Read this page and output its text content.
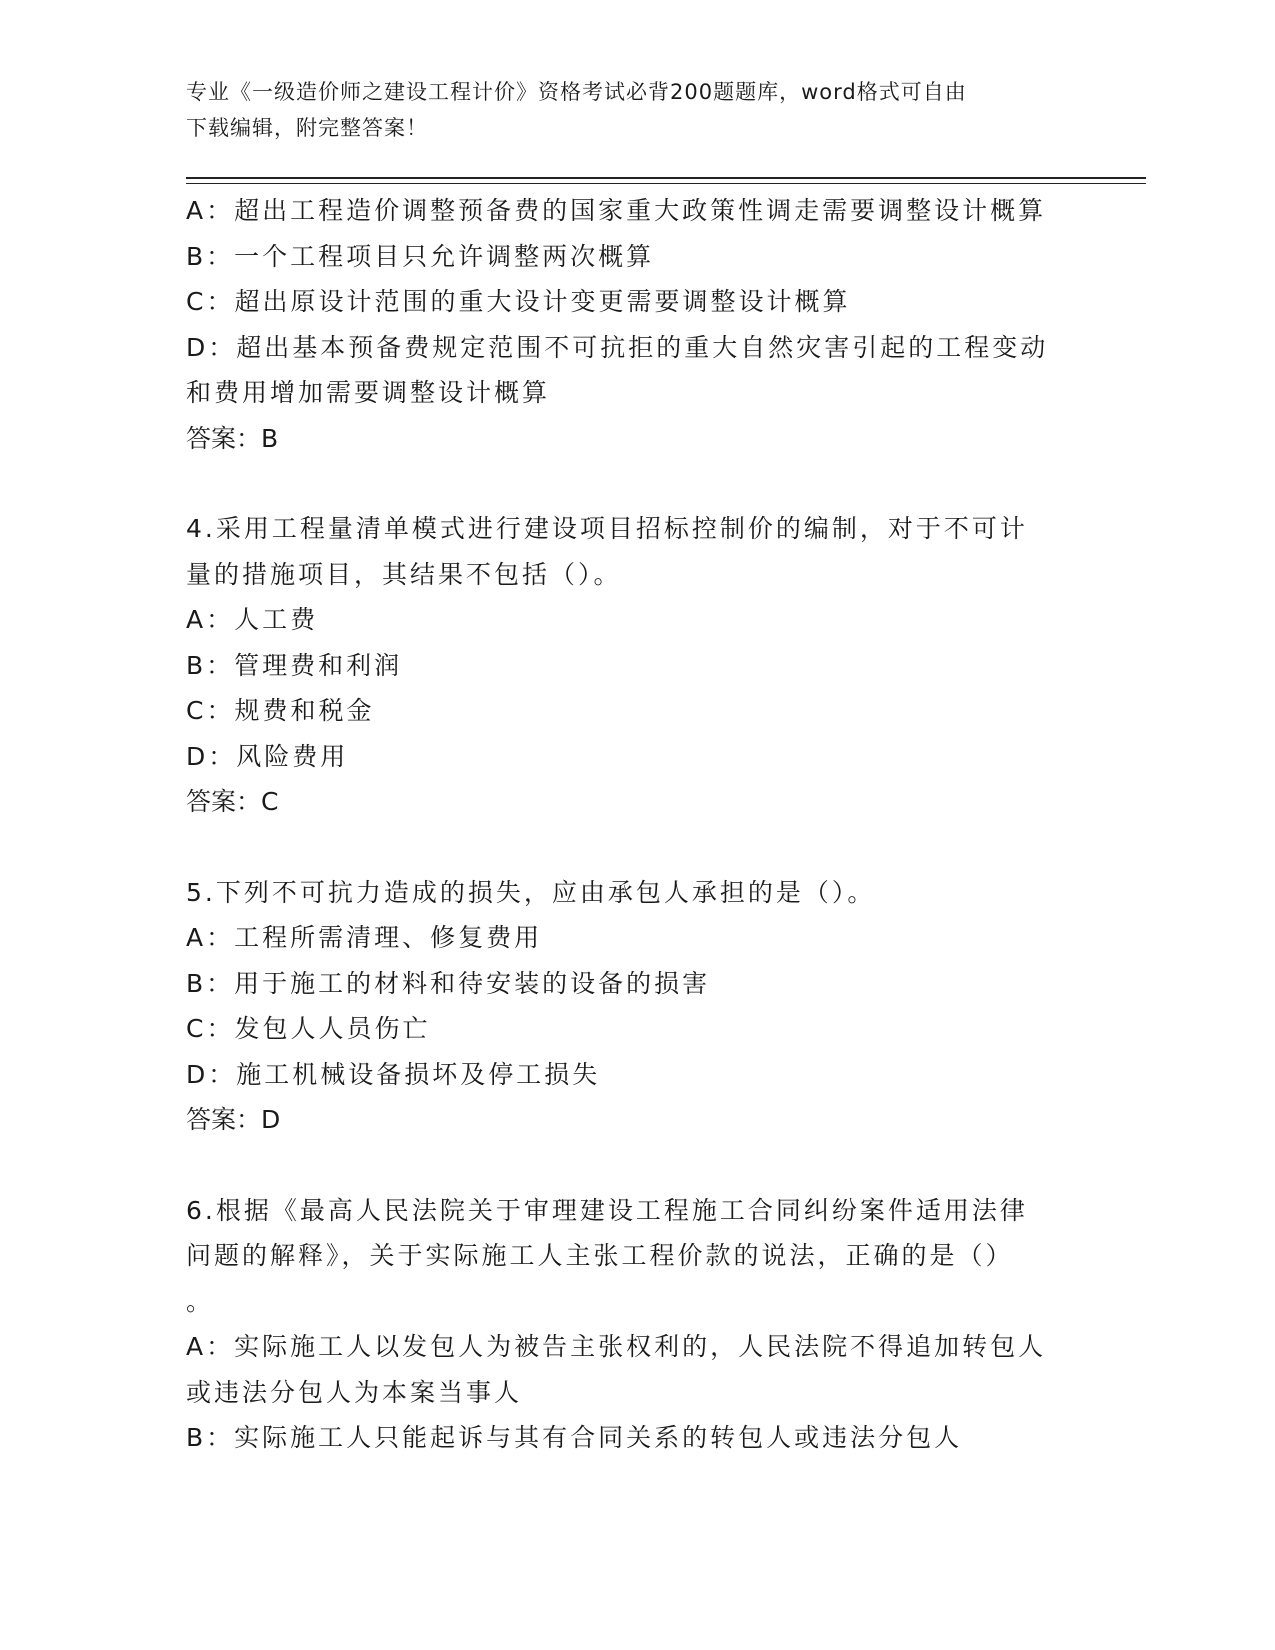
专业《一级造价师之建设工程计价》资格考试必背200题题库，word格式可自由
下载编辑，附完整答案！
A：超出工程造价调整预备费的国家重大政策性调走需要调整设计概算
B：一个工程项目只允许调整两次概算
C：超出原设计范围的重大设计变更需要调整设计概算
D：超出基本预备费规定范围不可抗拒的重大自然灾害引起的工程变动
和费用增加需要调整设计概算
答案：B
4.采用工程量清单模式进行建设项目招标控制价的编制，对于不可计
量的措施项目，其结果不包括（）。
A：人工费
B：管理费和利润
C：规费和税金
D：风险费用
答案：C
5.下列不可抗力造成的损失，应由承包人承担的是（）。
A：工程所需清理、修复费用
B：用于施工的材料和待安装的设备的损害
C：发包人人员伤亡
D：施工机械设备损坏及停工损失
答案：D
6.根据《最高人民法院关于审理建设工程施工合同纠纷案件适用法律
问题的解释》，关于实际施工人主张工程价款的说法，正确的是（）
。
A：实际施工人以发包人为被告主张权利的，人民法院不得追加转包人
或违法分包人为本案当事人
B：实际施工人只能起诉与其有合同关系的转包人或违法分包人
